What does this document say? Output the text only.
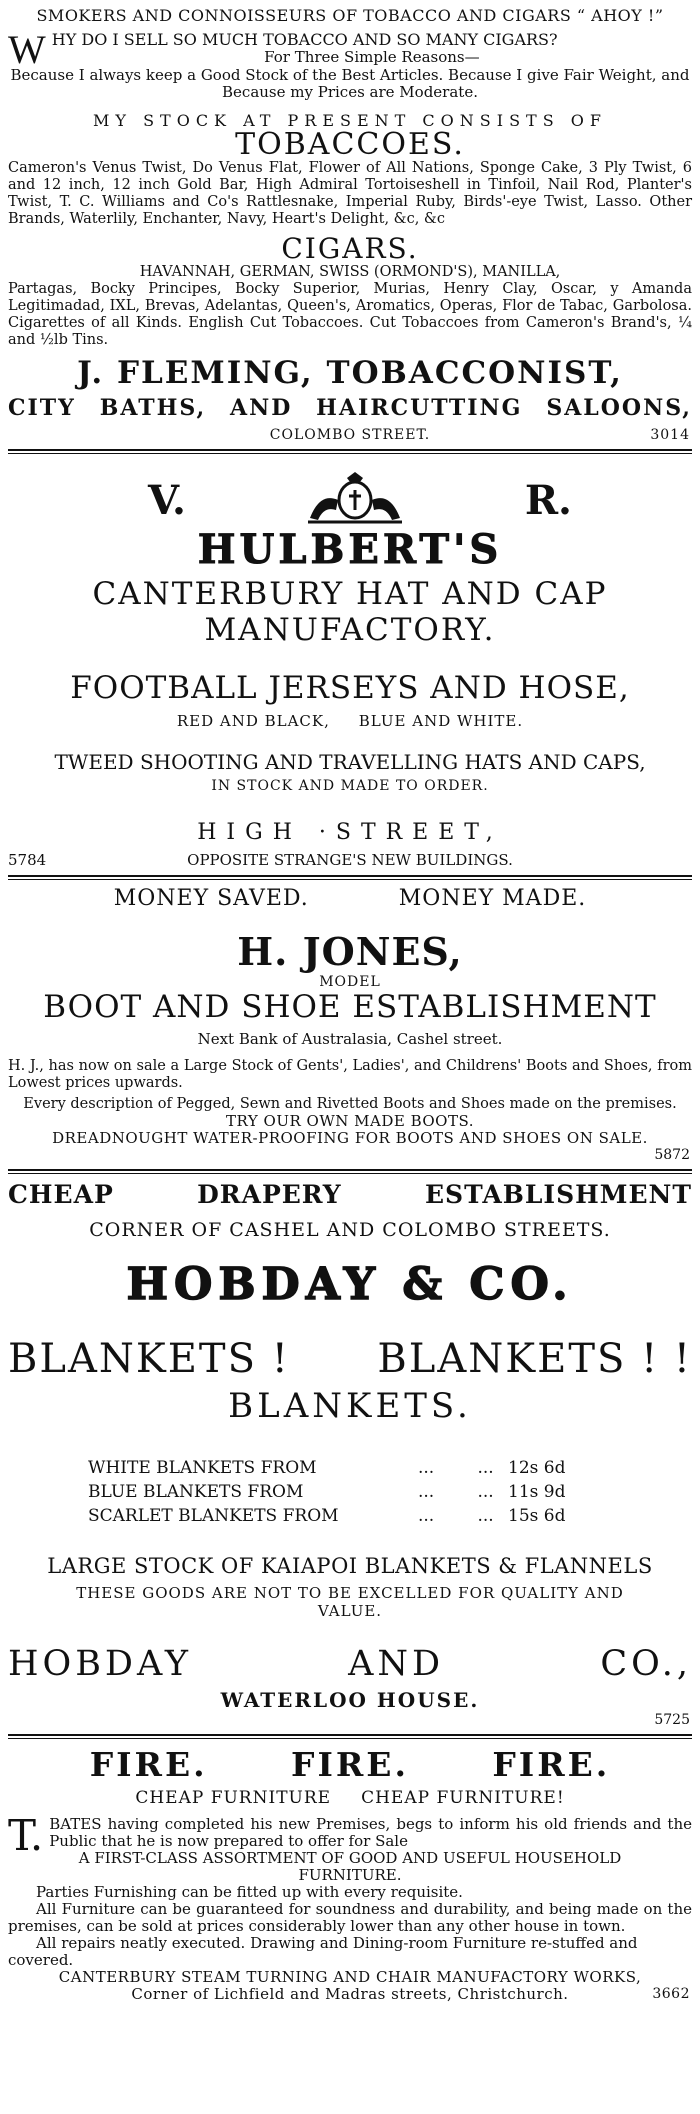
SMOKERS AND CONNOISSEURS OF TOBACCO AND CIGARS “ AHOY !”
W HY DO I SELL SO MUCH TOBACCO AND SO MANY CIGARS?
For Three Simple Reasons—
Because I always keep a Good Stock of the Best Articles. Because I give Fair Weight, and Because my Prices are Moderate.
MY STOCK AT PRESENT CONSISTS OF
TOBACCOES.
Cameron's Venus Twist, Do Venus Flat, Flower of All Nations, Sponge Cake, 3 Ply Twist, 6 and 12 inch, 12 inch Gold Bar, High Admiral Tortoiseshell in Tinfoil, Nail Rod, Planter's Twist, T. C. Williams and Co's Rattlesnake, Imperial Ruby, Birds'-eye Twist, Lasso. Other Brands, Waterlily, Enchanter, Navy, Heart's Delight, &c, &c
CIGARS.
HAVANNAH, GERMAN, SWISS (ORMOND'S), MANILLA,
Partagas, Bocky Principes, Bocky Superior, Murias, Henry Clay, Oscar, y Amanda Legitimadad, IXL, Brevas, Adelantas, Queen's, Aromatics, Operas, Flor de Tabac, Garbolosa. Cigarettes of all Kinds. English Cut Tobaccoes. Cut Tobaccoes from Cameron's Brand's, ¼ and ½lb Tins.
J. FLEMING, TOBACCONIST,
CITY BATHS, AND HAIRCUTTING SALOONS,
COLOMBO STREET.	3014
V.	R.
HULBERT'S
CANTERBURY HAT AND CAP
MANUFACTORY.
FOOTBALL JERSEYS AND HOSE,
RED AND BLACK,     BLUE AND WHITE.
TWEED SHOOTING AND TRAVELLING HATS AND CAPS,
IN STOCK AND MADE TO ORDER.
HIGH ·STREET,
5784	OPPOSITE STRANGE'S NEW BUILDINGS.
MONEY SAVED.	MONEY MADE.
H. JONES,
MODEL
BOOT AND SHOE ESTABLISHMENT
Next Bank of Australasia, Cashel street.
H. J., has now on sale a Large Stock of Gents', Ladies', and Childrens' Boots and Shoes, from Lowest prices upwards.
Every description of Pegged, Sewn and Rivetted Boots and Shoes made on the premises.
TRY OUR OWN MADE BOOTS.
DREADNOUGHT WATER-PROOFING FOR BOOTS AND SHOES ON SALE.
5872
CHEAP	DRAPERY	ESTABLISHMENT
CORNER OF CASHEL AND COLOMBO STREETS.
HOBDAY & CO.
BLANKETS ! BLANKETS ! !
BLANKETS.
WHITE BLANKETS FROM	...        ... 12s 6d
BLUE BLANKETS FROM	...        ... 11s 9d
SCARLET BLANKETS FROM	...        ... 15s 6d
LARGE STOCK OF KAIAPOI BLANKETS & FLANNELS
THESE GOODS ARE NOT TO BE EXCELLED FOR QUALITY AND VALUE.
HOBDAY	AND	CO.,
WATERLOO HOUSE.
5725
FIRE.	FIRE.	FIRE.
CHEAP FURNITURE CHEAP FURNITURE!
T. BATES having completed his new Premises, begs to inform his old friends and the Public that he is now prepared to offer for Sale
A FIRST-CLASS ASSORTMENT OF GOOD AND USEFUL HOUSEHOLD FURNITURE.
Parties Furnishing can be fitted up with every requisite.
All Furniture can be guaranteed for soundness and durability, and being made on the premises, can be sold at prices considerably lower than any other house in town.
All repairs neatly executed. Drawing and Dining-room Furniture re-stuffed and covered.
CANTERBURY STEAM TURNING AND CHAIR MANUFACTORY WORKS,
Corner of Lichfield and Madras streets, Christchurch.	3662
